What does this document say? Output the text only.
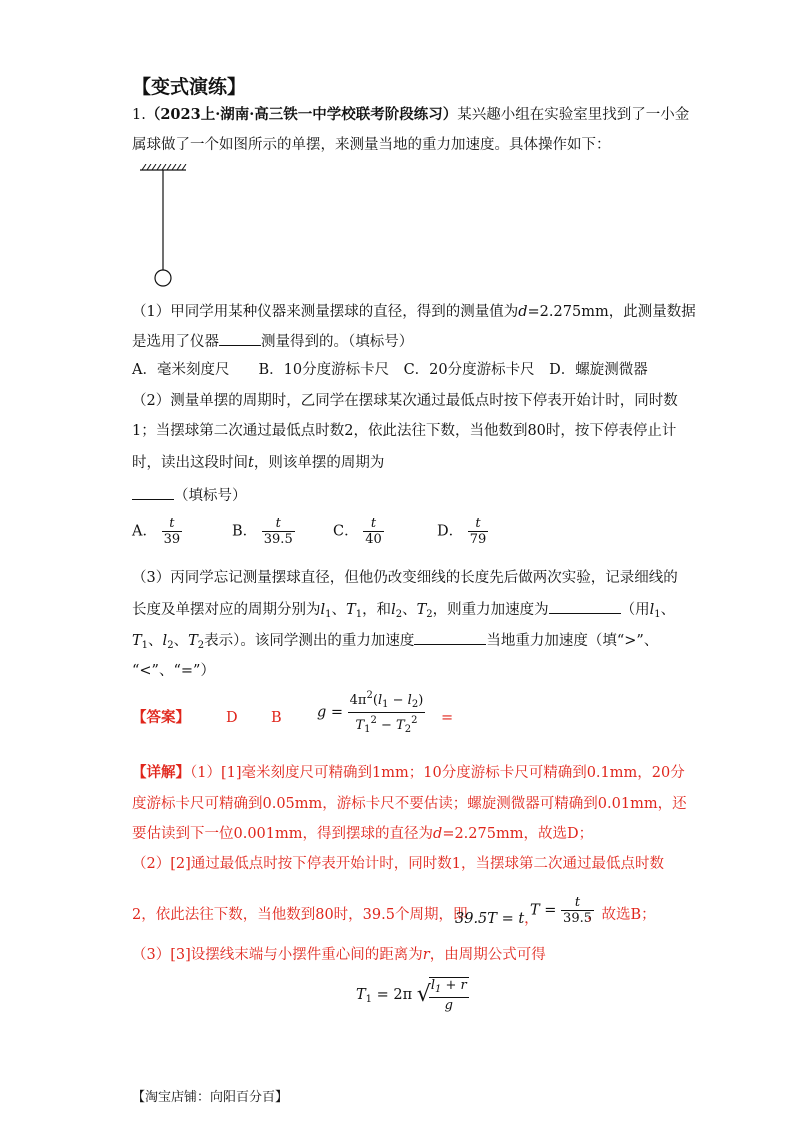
【变式演练】
1.（2023上·湖南·高三铁一中学校联考阶段练习）某兴趣小组在实验室里找到了一小金
属球做了一个如图所示的单摆，来测量当地的重力加速度。具体操作如下：
（1）甲同学用某种仪器来测量摆球的直径，得到的测量值为d=2.275mm，此测量数据
是选用了仪器	测量得到的。（填标号）
A．毫米刻度尺　　B．10分度游标卡尺　C．20分度游标卡尺　D．螺旋测微器
（2）测量单摆的周期时，乙同学在摆球某次通过最低点时按下停表开始计时，同时数
1；当摆球第二次通过最低点时数2，依此法往下数，当他数到80时，按下停表停止计
时，读出这段时间t，则该单摆的周期为
（填标号）
A． $\frac{t}{39}$	B． $\frac{t}{39.5}$	C． $\frac{t}{40}$	D． $\frac{t}{79}$
（3）丙同学忘记测量摆球直径，但他仍改变细线的长度先后做两次实验，记录细线的
长度及单摆对应的周期分别为$l_1$、$T_1$，和$l_2$、$T_2$，则重力加速度为	（用$l_1$、
$T_1$、$l_2$、$T_2$表示）。该同学测出的重力加速度	当地重力加速度（填“>”、
“<”、“=”）
【答案】 D B $g = \frac{4\pi^2(l_1 - l_2)}{T_1^2 - T_2^2}$ =
【详解】（1）[1]毫米刻度尺可精确到1mm；10分度游标卡尺可精确到0.1mm，20分
度游标卡尺可精确到0.05mm，游标卡尺不要估读；螺旋测微器可精确到0.01mm，还
要估读到下一位0.001mm，得到摆球的直径为d=2.275mm，故选D；
（2）[2]通过最低点时按下停表开始计时，同时数1，当摆球第二次通过最低点时数
2，依此法往下数，当他数到80时，39.5个周期，即
39.5T = t，
$T = \frac{t}{39.5}$
，故选B；
（3）[3]设摆线末端与小摆件重心间的距离为r，由周期公式可得
$T_1 = 2\pi$ √
$\frac{l_1 + r}{g}$
【淘宝店铺：向阳百分百】
